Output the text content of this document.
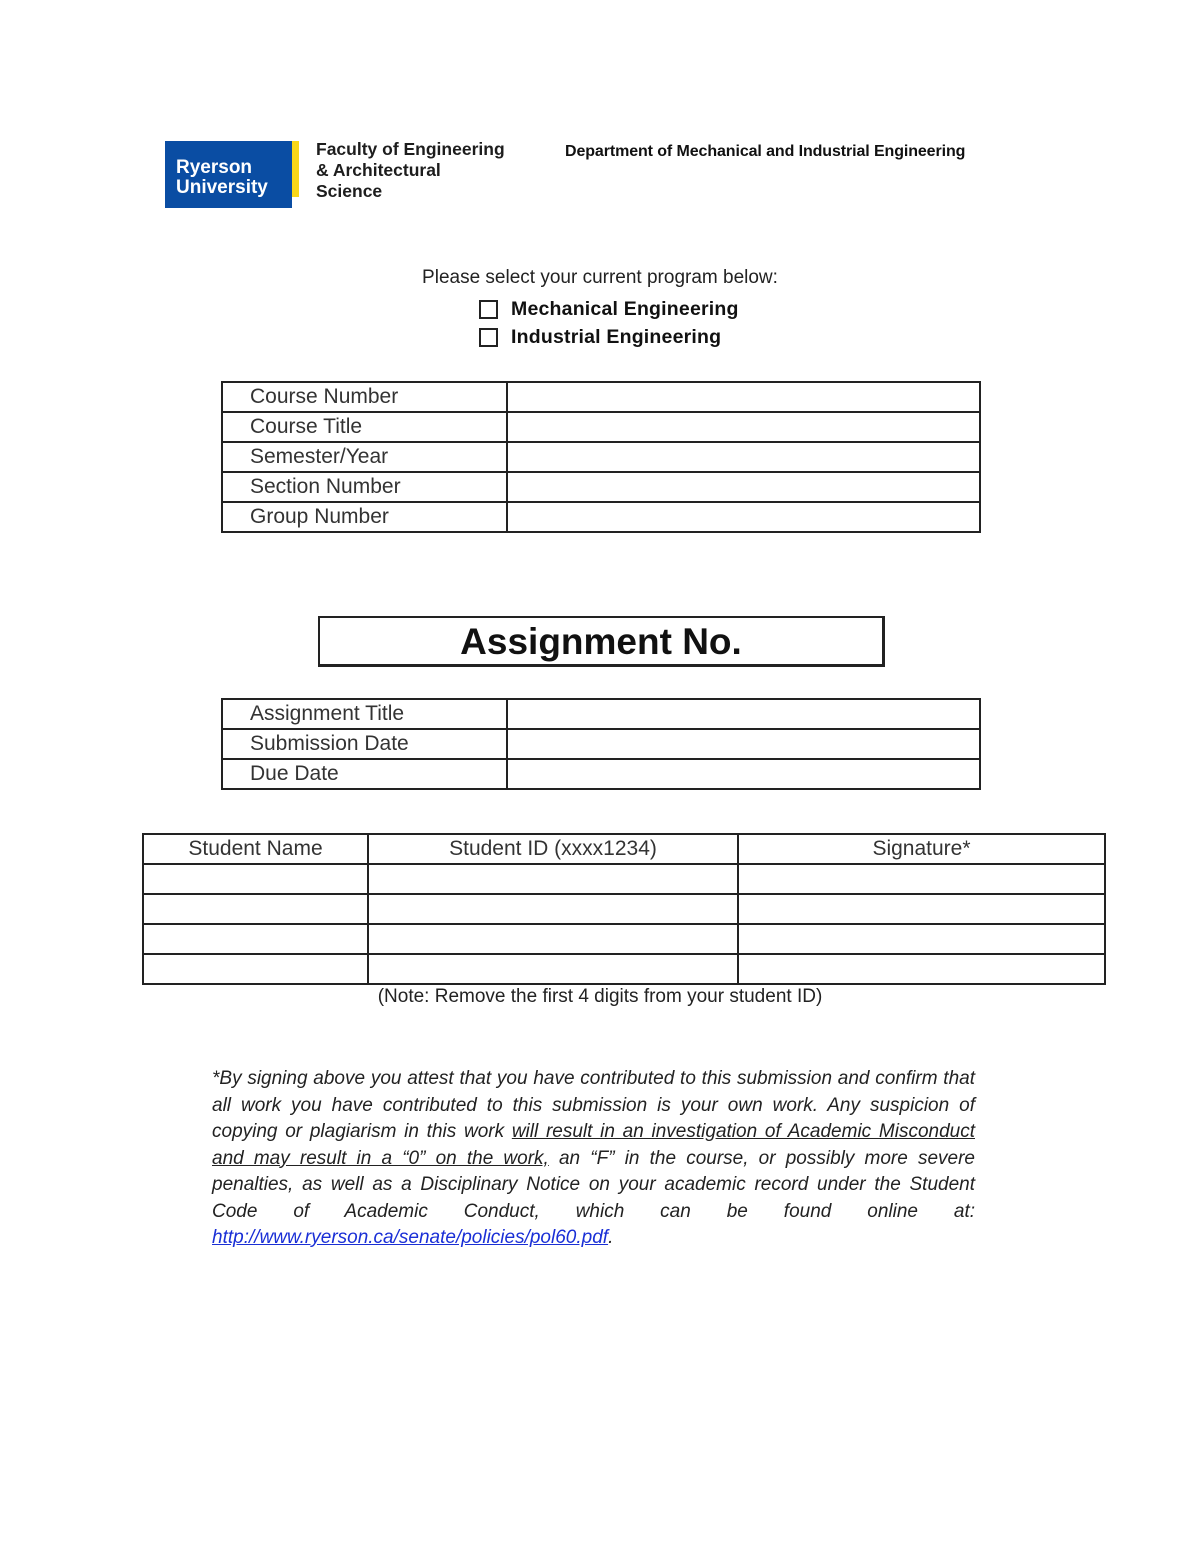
Ryerson
University
Faculty of Engineering
& Architectural
Science
Department of Mechanical and Industrial Engineering
Please select your current program below:
Mechanical Engineering
Industrial Engineering
Course Number	
Course Title	
Semester/Year	
Section Number	
Group Number	
Assignment No.
Assignment Title	
Submission Date	
Due Date	
Student Name	Student ID (xxxx1234)	Signature*

(Note: Remove the first 4 digits from your student ID)
*By signing above you attest that you have contributed to this submission and confirm that all work you have contributed to this submission is your own work. Any suspicion of copying or plagiarism in this work will result in an investigation of Academic Misconduct and may result in a “0” on the work, an “F” in the course, or possibly more severe penalties, as well as a Disciplinary Notice on your academic record under the Student Code of Academic Conduct, which can be found online at: http://www.ryerson.ca/senate/policies/pol60.pdf.
